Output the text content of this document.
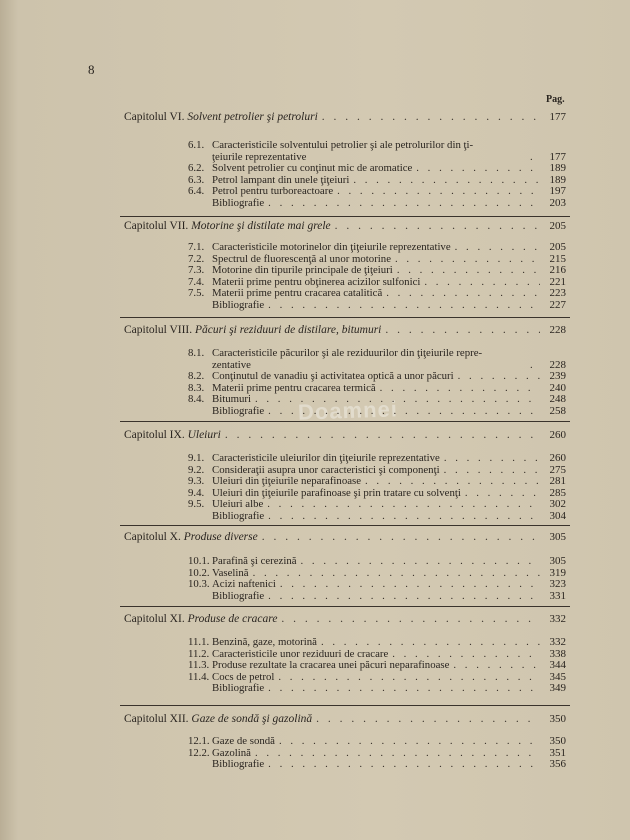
8
Pag.
Doamnei
Capitolul VI. Solvent petrolier şi petroluri . . .	177
6.1.Caracteristicile solventului petrolier şi ale petrolurilor din ţi-
ţeiurile reprezentative . . .	177
6.2.Solvent petrolier cu conţinut mic de aromatice . . .	189
6.3.Petrol lampant din unele ţiţeiuri . . .	189
6.4.Petrol pentru turboreactoare . . .	197
Bibliografie . . .	203
Capitolul VII. Motorine şi distilate mai grele . . .	205
7.1.Caracteristicile motorinelor din ţiţeiurile reprezentative . . .	205
7.2.Spectrul de fluorescenţă al unor motorine . . .	215
7.3.Motorine din tipurile principale de ţiţeiuri . . .	216
7.4.Materii prime pentru obţinerea acizilor sulfonici . . .	221
7.5.Materii prime pentru cracarea catalitică . . .	223
Bibliografie . . .	227
Capitolul VIII. Păcuri şi reziduuri de distilare, bitumuri . . .	228
8.1.Caracteristicile păcurilor şi ale reziduurilor din ţiţeiurile repre-
zentative . . .	228
8.2.Conţinutul de vanadiu şi activitatea optică a unor păcuri . . .	239
8.3.Materii prime pentru cracarea termică . . .	240
8.4.Bitumuri . . .	248
Bibliografie . . .	258
Capitolul IX. Uleiuri . . .	260
9.1.Caracteristicile uleiurilor din ţiţeiurile reprezentative . . .	260
9.2.Consideraţii asupra unor caracteristici şi componenţi . . .	275
9.3.Uleiuri din ţiţeiurile neparafinoase . . .	281
9.4.Uleiuri din ţiţeiurile parafinoase şi prin tratare cu solvenţi . . .	285
9.5.Uleiuri albe . . .	302
Bibliografie . . .	304
Capitolul X. Produse diverse . . .	305
10.1.Parafină şi cerezină . . .	305
10.2.Vaselină . . .	319
10.3.Acizi naftenici . . .	323
Bibliografie . . .	331
Capitolul XI. Produse de cracare . . .	332
11.1.Benzină, gaze, motorină . . .	332
11.2.Caracteristicile unor reziduuri de cracare . . .	338
11.3.Produse rezultate la cracarea unei păcuri neparafinoase . . .	344
11.4.Cocs de petrol . . .	345
Bibliografie . . .	349
Capitolul XII. Gaze de sondă şi gazolină . . .	350
12.1.Gaze de sondă . . .	350
12.2.Gazolină . . .	351
Bibliografie . . .	356
